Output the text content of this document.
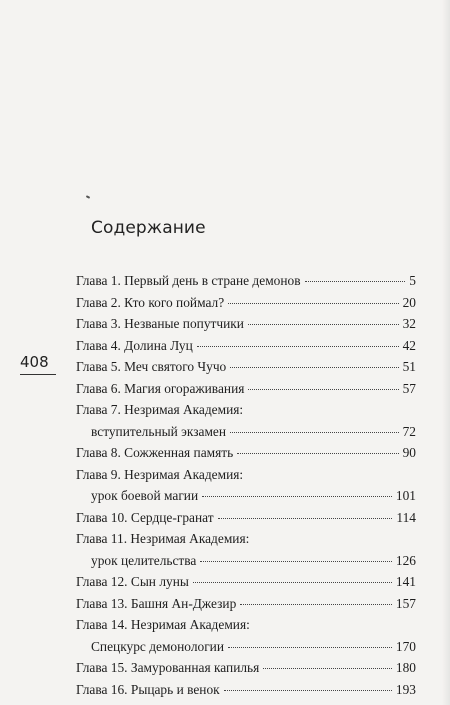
Содержание
408
Глава 1. Первый день в стране демонов	5
Глава 2. Кто кого поймал?	20
Глава 3. Незваные попутчики	32
Глава 4. Долина Луц	42
Глава 5. Меч святого Чучо	51
Глава 6. Магия огораживания	57
Глава 7. Незримая Академия:
вступительный экзамен	72
Глава 8. Сожженная память	90
Глава 9. Незримая Академия:
урок боевой магии	101
Глава 10. Сердце-гранат	114
Глава 11. Незримая Академия:
урок целительства	126
Глава 12. Сын луны	141
Глава 13. Башня Ан-Джезир	157
Глава 14. Незримая Академия:
Спецкурс демонологии	170
Глава 15. Замурованная капилья	180
Глава 16. Рыцарь и венок	193
